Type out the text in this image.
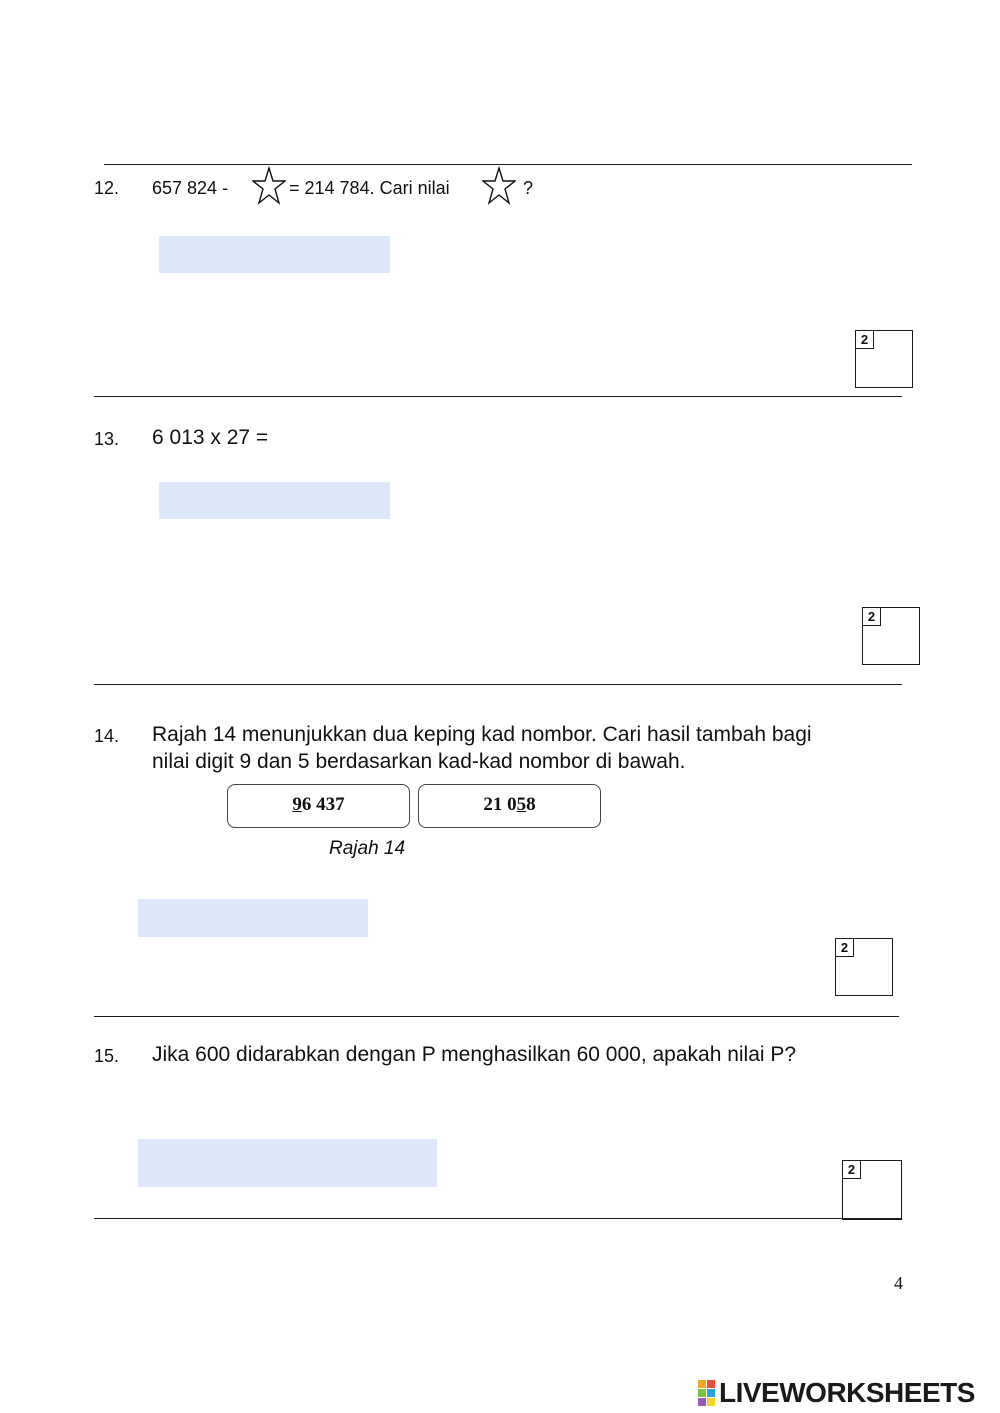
12. 657 824 -	= 214 784. Cari nilai	?
2
13. 6 013 x 27 =
2
14. Rajah 14 menunjukkan dua keping kad nombor. Cari hasil tambah bagi
nilai digit 9 dan 5 berdasarkan kad-kad nombor di bawah.
96 437	21 058
Rajah 14
2
15. Jika 600 didarabkan dengan P menghasilkan 60 000, apakah nilai P?
2
4
LIVEWORKSHEETS
